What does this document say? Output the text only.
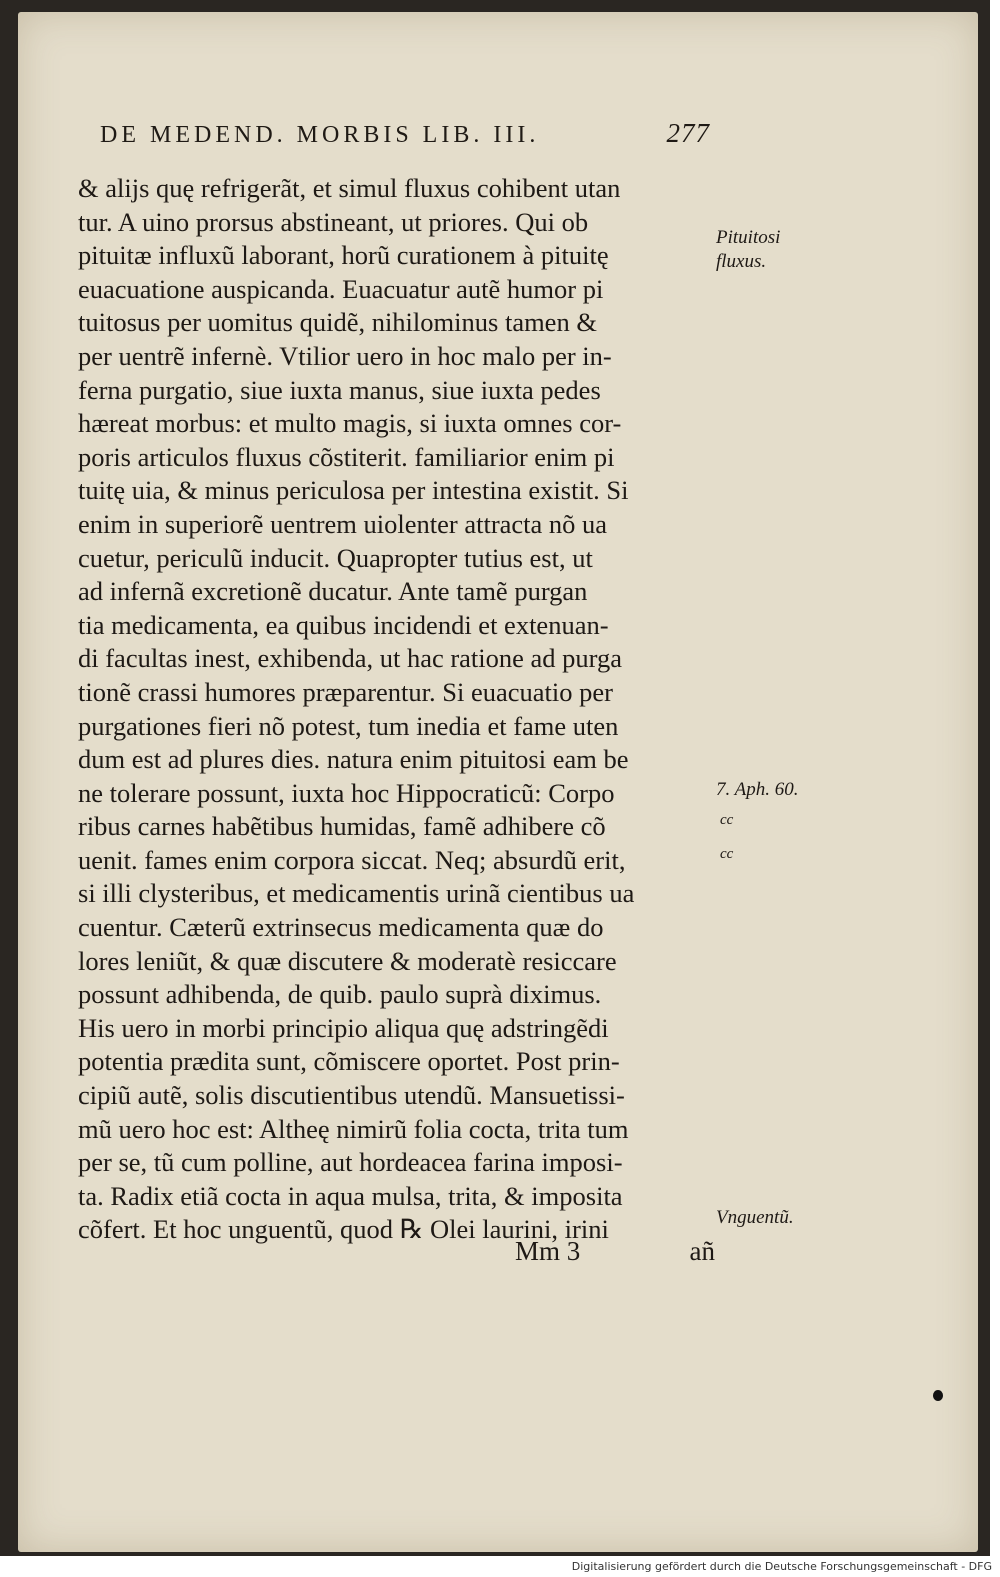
DE MEDEND. MORBIS LIB. III.	277
& alijs quę refrigerãt, et simul fluxus cohibent utan
tur. A uino prorsus abstineant, ut priores. Qui ob
pituitæ influxũ laborant, horũ curationem à pituitę
euacuatione auspicanda. Euacuatur autẽ humor pi
tuitosus per uomitus quidẽ, nihilominus tamen &
per uentrẽ infernè. Vtilior uero in hoc malo per in-
ferna purgatio, siue iuxta manus, siue iuxta pedes
hæreat morbus: et multo magis, si iuxta omnes cor-
poris articulos fluxus cõstiterit. familiarior enim pi
tuitę uia, & minus periculosa per intestina existit. Si
enim in superiorẽ uentrem uiolenter attracta nõ ua
cuetur, periculũ inducit. Quapropter tutius est, ut
ad infernã excretionẽ ducatur. Ante tamẽ purgan
tia medicamenta, ea quibus incidendi et extenuan-
di facultas inest, exhibenda, ut hac ratione ad purga
tionẽ crassi humores præparentur. Si euacuatio per
purgationes fieri nõ potest, tum inedia et fame uten
dum est ad plures dies. natura enim pituitosi eam be
ne tolerare possunt, iuxta hoc Hippocraticũ: Corpo
ribus carnes habẽtibus humidas, famẽ adhibere cõ
uenit. fames enim corpora siccat. Neq; absurdũ erit,
si illi clysteribus, et medicamentis urinã cientibus ua
cuentur. Cæterũ extrinsecus medicamenta quæ do
lores leniũt, & quæ discutere & moderatè resiccare
possunt adhibenda, de quib. paulo suprà diximus.
His uero in morbi principio aliqua quę adstringẽdi
potentia prædita sunt, cõmiscere oportet. Post prin-
cipiũ autẽ, solis discutientibus utendũ. Mansuetissi-
mũ uero hoc est: Altheę nimirũ folia cocta, trita tum
per se, tũ cum polline, aut hordeacea farina imposi-
ta. Radix etiã cocta in aqua mulsa, trita, & imposita
cõfert. Et hoc unguentũ, quod ℞ Olei laurini, irini
Pituitosi
fluxus.
7. Aph. 60.
cc
cc
Vnguentũ.
Mm 3	añ
Digitalisierung gefördert durch die Deutsche Forschungsgemeinschaft - DFG
